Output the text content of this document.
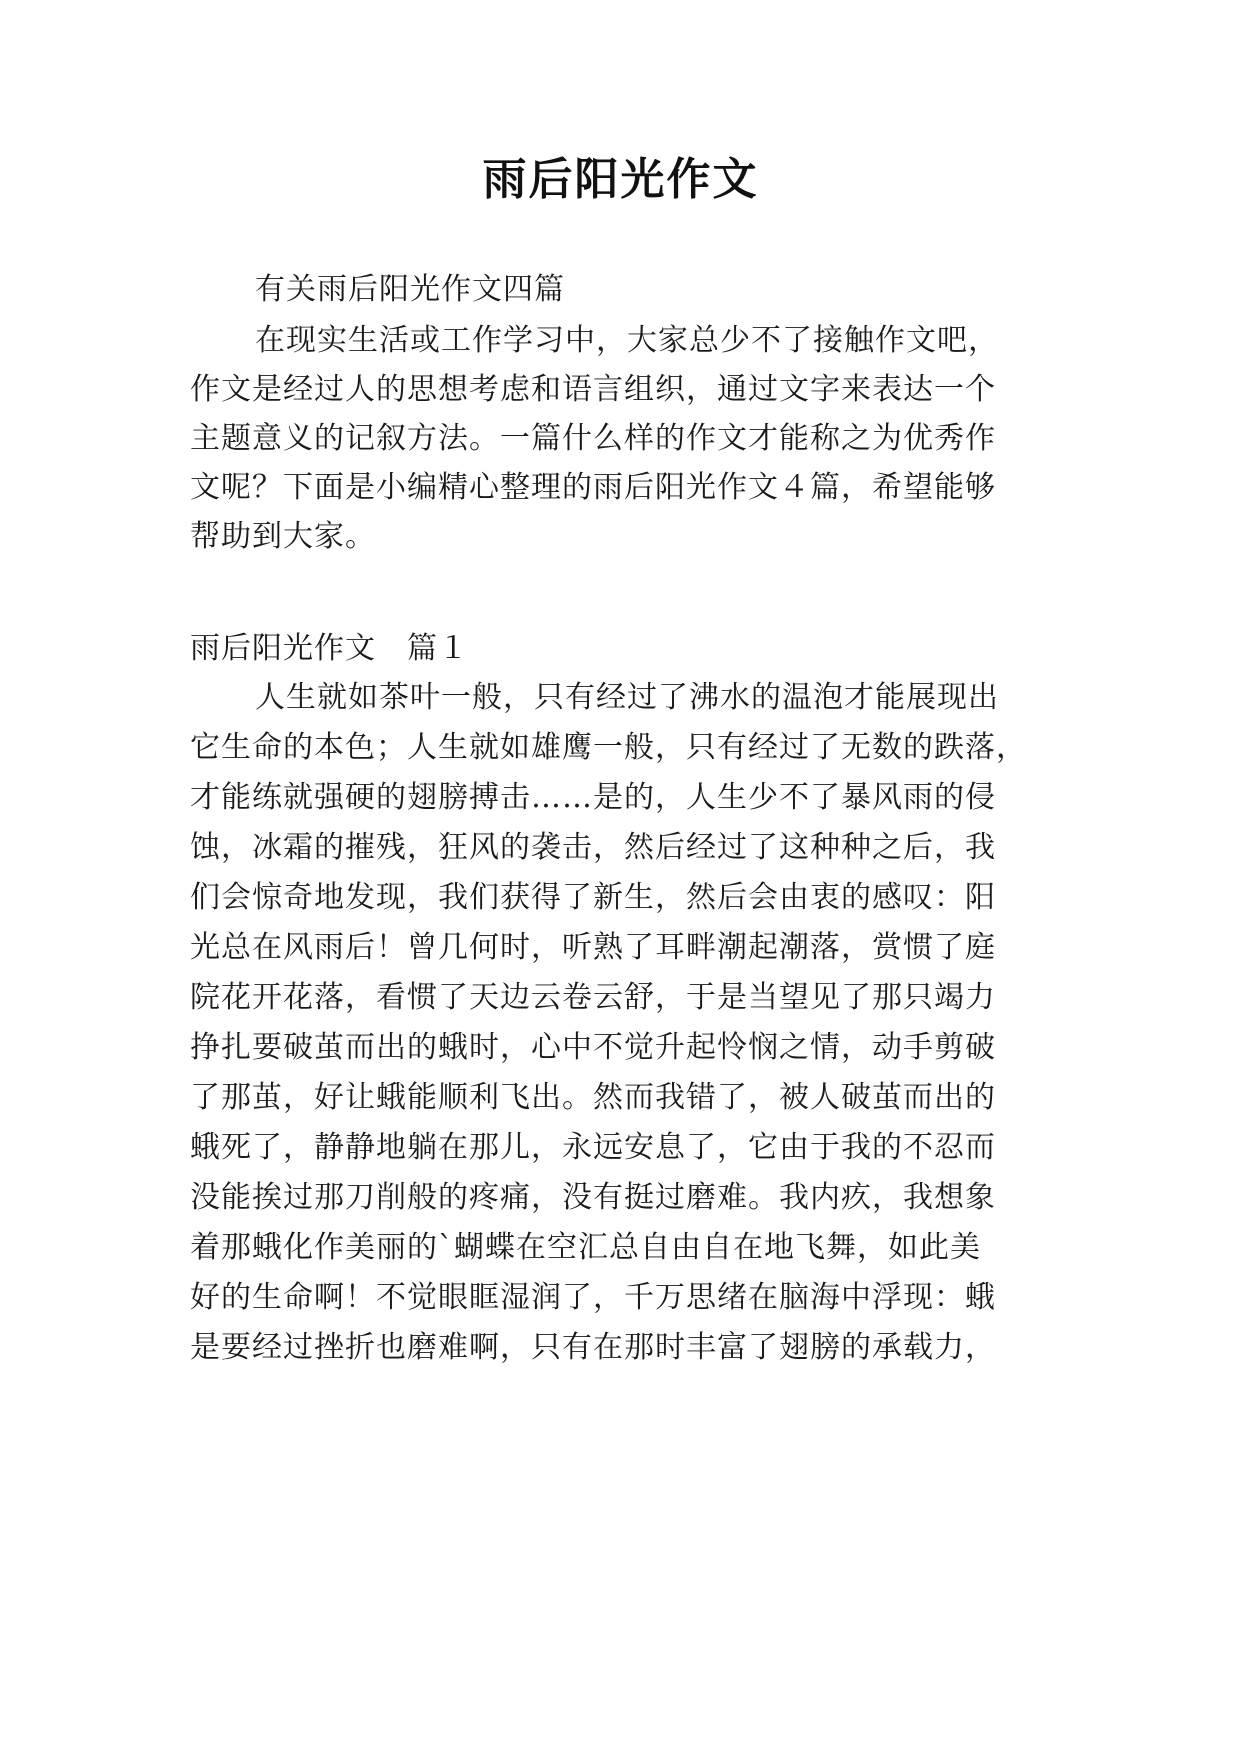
雨后阳光作文
有关雨后阳光作文四篇
在现实生活或工作学习中，大家总少不了接触作文吧，
作文是经过人的思想考虑和语言组织，通过文字来表达一个
主题意义的记叙方法。一篇什么样的作文才能称之为优秀作
文呢？下面是小编精心整理的雨后阳光作文４篇，希望能够
帮助到大家。
雨后阳光作文　篇１
人生就如茶叶一般，只有经过了沸水的温泡才能展现出
它生命的本色；人生就如雄鹰一般，只有经过了无数的跌落，
才能练就强硬的翅膀搏击……是的，人生少不了暴风雨的侵
蚀，冰霜的摧残，狂风的袭击，然后经过了这种种之后，我
们会惊奇地发现，我们获得了新生，然后会由衷的感叹：阳
光总在风雨后！曾几何时，听熟了耳畔潮起潮落，赏惯了庭
院花开花落，看惯了天边云卷云舒，于是当望见了那只竭力
挣扎要破茧而出的蛾时，心中不觉升起怜悯之情，动手剪破
了那茧，好让蛾能顺利飞出。然而我错了，被人破茧而出的
蛾死了，静静地躺在那儿，永远安息了，它由于我的不忍而
没能挨过那刀削般的疼痛，没有挺过磨难。我内疚，我想象
着那蛾化作美丽的`蝴蝶在空汇总自由自在地飞舞，如此美
好的生命啊！不觉眼眶湿润了，千万思绪在脑海中浮现：蛾
是要经过挫折也磨难啊，只有在那时丰富了翅膀的承载力，
